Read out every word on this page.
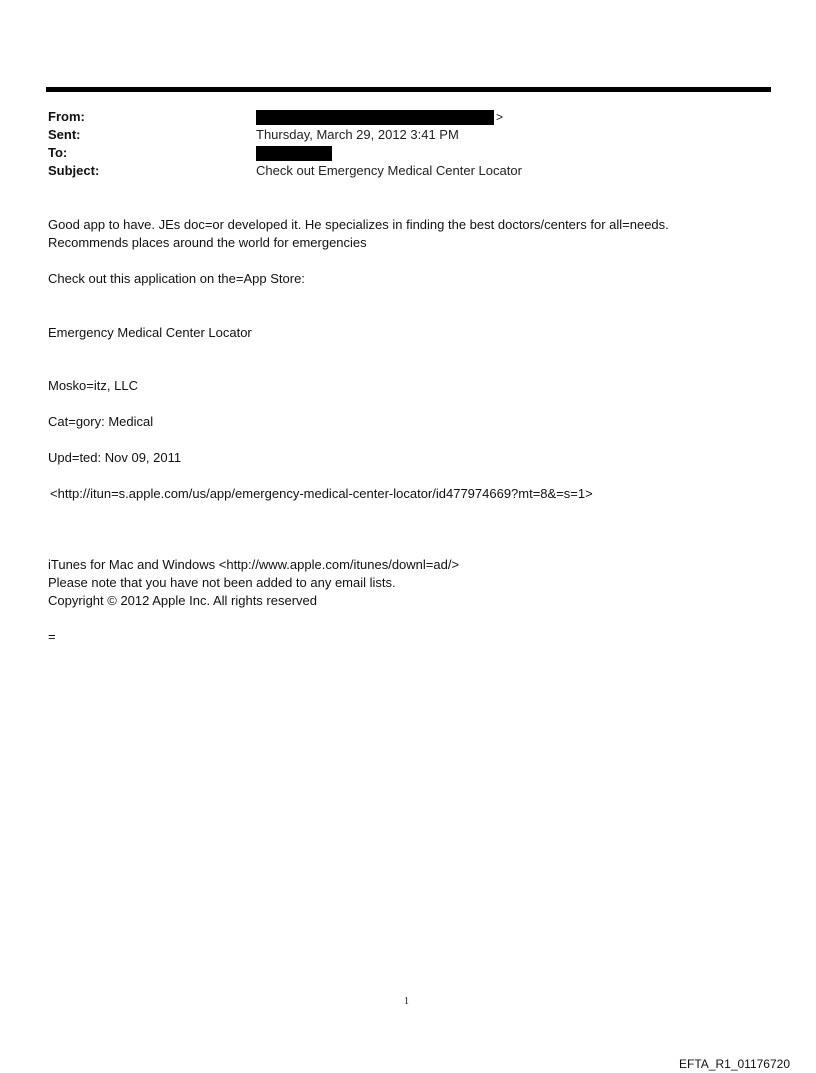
From:	>
Sent:	Thursday, March 29, 2012 3:41 PM
To:
Subject:	Check out Emergency Medical Center Locator
Good app to have. JEs doc=or developed it. He specializes in finding the best doctors/centers for all=needs.
Recommends places around the world for emergencies
Check out this application on the=App Store:
Emergency Medical Center Locator
Mosko=itz, LLC
Cat=gory: Medical
Upd=ted: Nov 09, 2011
<http://itun=s.apple.com/us/app/emergency-medical-center-locator/id477974669?mt=8&=s=1>
iTunes for Mac and Windows <http://www.apple.com/itunes/downl=ad/>
Please note that you have not been added to any email lists.
Copyright © 2012 Apple Inc. All rights reserved
=
1
EFTA_R1_01176720
